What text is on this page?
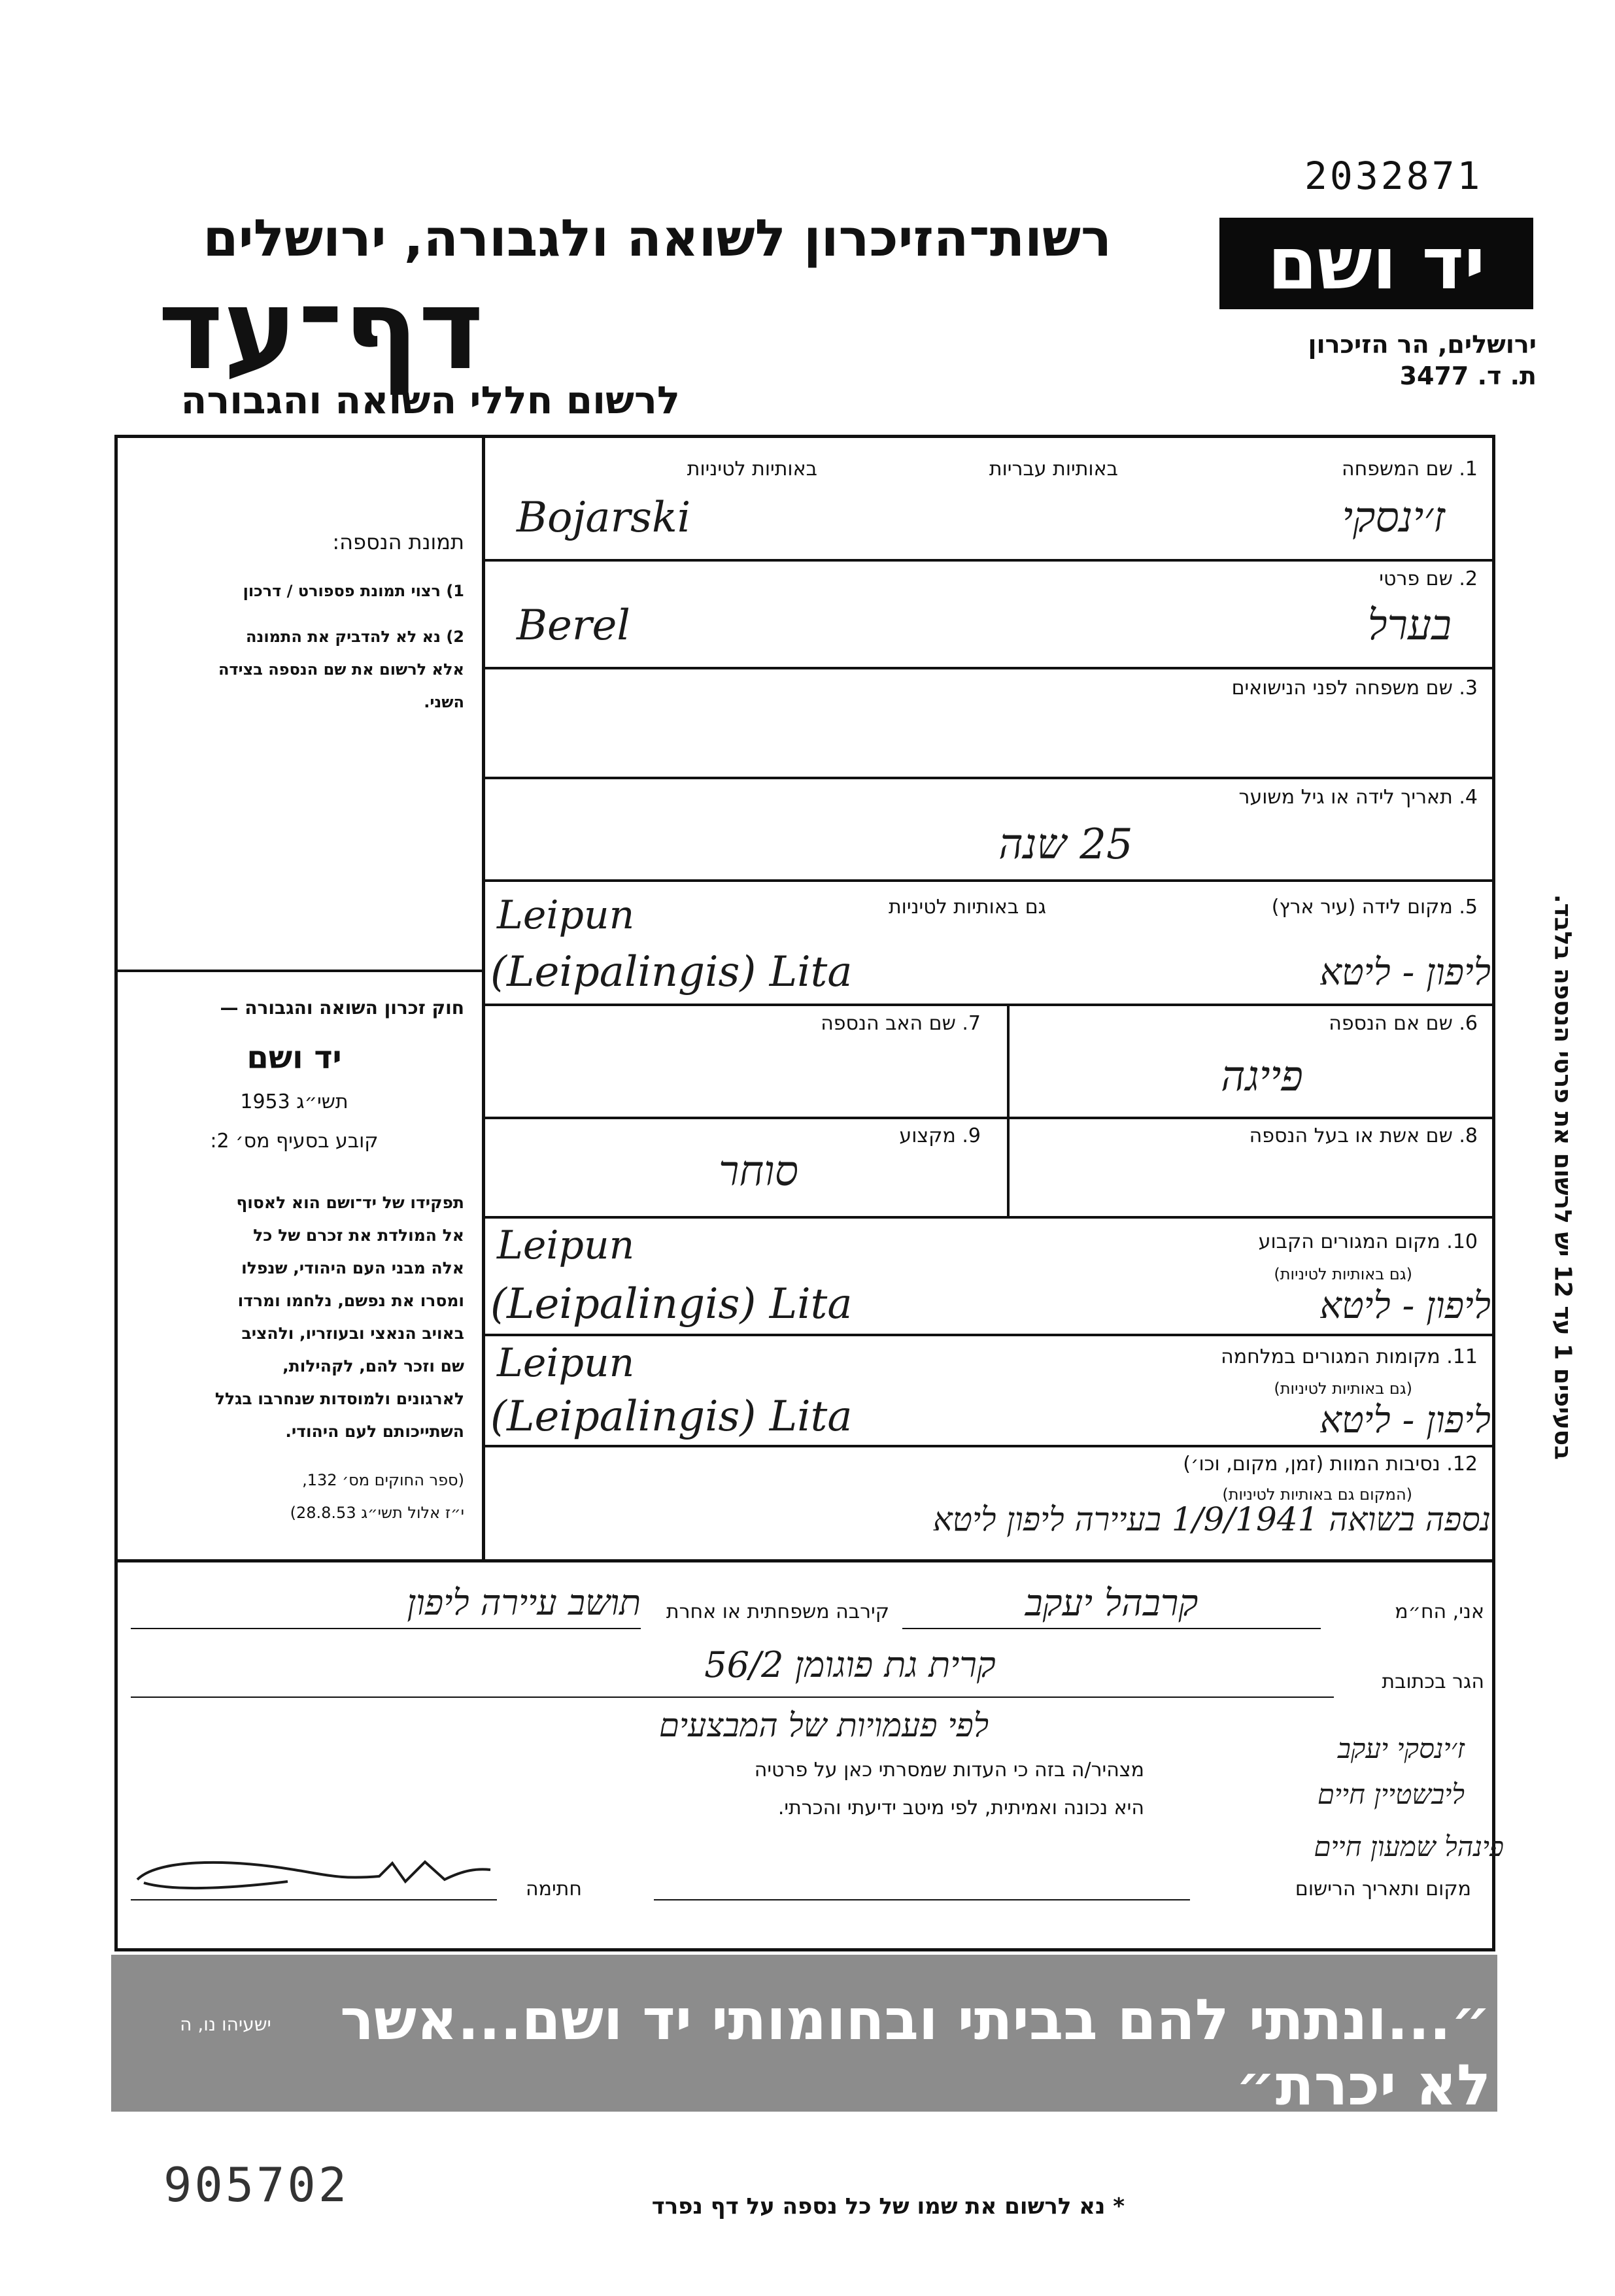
2032871
905702
יד ושם
רשות־הזיכרון לשואה ולגבורה, ירושלים
דף־עד
לרשום חללי השואה והגבורה
ירושלים, הר הזיכרון
ת. ד. 3477
תמונת הנספה:
1) רצוי תמונת פספורט / דרכון
2) נא לא להדביק את התמונה
אלא לרשום את שם הנספה בצידה
השני.
חוק זכרון השואה והגבורה —
יד ושם
תשי״ג 1953
קובע בסעיף מס׳ 2:
תפקידו של יד־ושם הוא לאסוף
אל המולדת את זכרם של כל
אלה מבני העם היהודי, שנפלו
ומסרו את נפשם, נלחמו ומרדו
באויב הנאצי ובעוזריו, ולהציב
שם וזכר להם, לקהילות,
לארגונים ולמוסדות שנחרבו בגלל
השתייכותם לעם היהודי.
(ספר החוקים מס׳ 132,
י״ז אלול תשי״ג 28.8.53)
1. שם המשפחה
באותיות עבריות
באותיות לטיניות
ז׳ינסקי
Bojarski
2. שם פרטי
בערל
Berel
3. שם משפחה לפני הנישואים
4. תאריך לידה או גיל משוער
25 שנה
5. מקום לידה (עיר ארץ)
גם באותיות לטיניות
Leipun
(Leipalingis) Lita	ליפון - ליטא
6. שם אם הנספה
פייגה
7. שם האב הנספה
8. שם אשת או בעל הנספה
9. מקצוע
סוחר
10. מקום המגורים הקבוע
(גם באותיות לטיניות)
Leipun
(Leipalingis) Lita	ליפון - ליטא
11. מקומות המגורים במלחמה
(גם באותיות לטיניות)
Leipun
(Leipalingis) Lita	ליפון - ליטא
12. נסיבות המוות (זמן, מקום, וכו׳)
(המקום גם באותיות לטיניות)
נספה בשואה 1/9/1941 בעיירה ליפון ליטא
אני, הח״מ
קרבהל יעקב
קירבה משפחתית או אחרת
תושב עיירה ליפון
הגר בכתובת
קרית גת פוגומן 56/2
לפי פעמויות של המבצעים
ז׳ינסקי יעקב
ליבשטיין חיים
פינהל שמעון חיים
מצהיר/ה בזה כי העדות שמסרתי כאן על פרטיה
היא נכונה ואמיתית, לפי מיטב ידיעתי והכרתי.
חתימה	מקום ותאריך הרישום
״...ונתתי להם בביתי ובחומותי יד ושם...אשר לא יכרת״
ישעיהו נו, ה
* נא לרשום את שמו של כל נספה על דף נפרד
בסעיפים 1 עד 12 יש לרשום את פרטי הנספה בלבד.
